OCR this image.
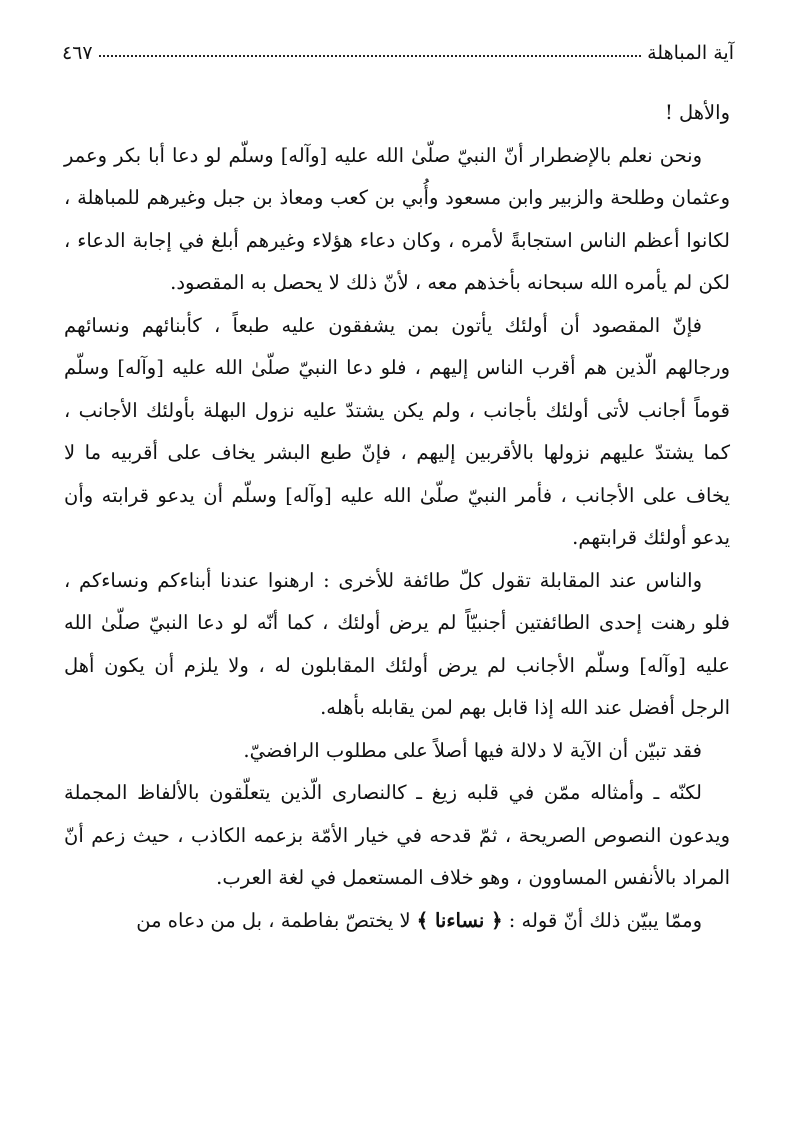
آية المباهلة
٤٦٧

والأهل !

ونحن نعلم بالإضطرار أنّ النبيّ صلّىٰ الله عليه [وآله] وسلّم لو دعا أبا بكر وعمر وعثمان وطلحة والزبير وابن مسعود وأُبي بن كعب ومعاذ بن جبل وغيرهم للمباهلة ، لكانوا أعظم الناس استجابةً لأمره ، وكان دعاء هؤلاء وغيرهم أبلغ في إجابة الدعاء ، لكن لم يأمره الله سبحانه بأخذهم معه ، لأنّ ذلك لا يحصل به المقصود.

فإنّ المقصود أن أولئك يأتون بمن يشفقون عليه طبعاً ، كأبنائهم ونسائهم ورجالهم الّذين هم أقرب الناس إليهم ، فلو دعا النبيّ صلّىٰ الله عليه [وآله] وسلّم قوماً أجانب لأتى أولئك بأجانب ، ولم يكن يشتدّ عليه نزول البهلة بأولئك الأجانب ، كما يشتدّ عليهم نزولها بالأقربين إليهم ، فإنّ طبع البشر يخاف على أقربيه ما لا يخاف على الأجانب ، فأمر النبيّ صلّىٰ الله عليه [وآله] وسلّم أن يدعو قرابته وأن يدعو أولئك قرابتهم.

والناس عند المقابلة تقول كلّ طائفة للأخرى : ارهنوا عندنا أبناءكم ونساءكم ، فلو رهنت إحدى الطائفتين أجنبيّاً لم يرض أولئك ، كما أنّه لو دعا النبيّ صلّىٰ الله عليه [وآله] وسلّم الأجانب لم يرض أولئك المقابلون له ، ولا يلزم أن يكون أهل الرجل أفضل عند الله إذا قابل بهم لمن يقابله بأهله.

فقد تبيّن أن الآية لا دلالة فيها أصلاً على مطلوب الرافضيّ.

لكنّه ـ وأمثاله ممّن في قلبه زيغ ـ كالنصارى الّذين يتعلّقون بالألفاظ المجملة ويدعون النصوص الصريحة ، ثمّ قدحه في خيار الأمّة بزعمه الكاذب ، حيث زعم أنّ المراد بالأنفس المساوون ، وهو خلاف المستعمل في لغة العرب.

وممّا يبيّن ذلك أنّ قوله : ﴿ نساءنا ﴾ لا يختصّ بفاطمة ، بل من دعاه من
